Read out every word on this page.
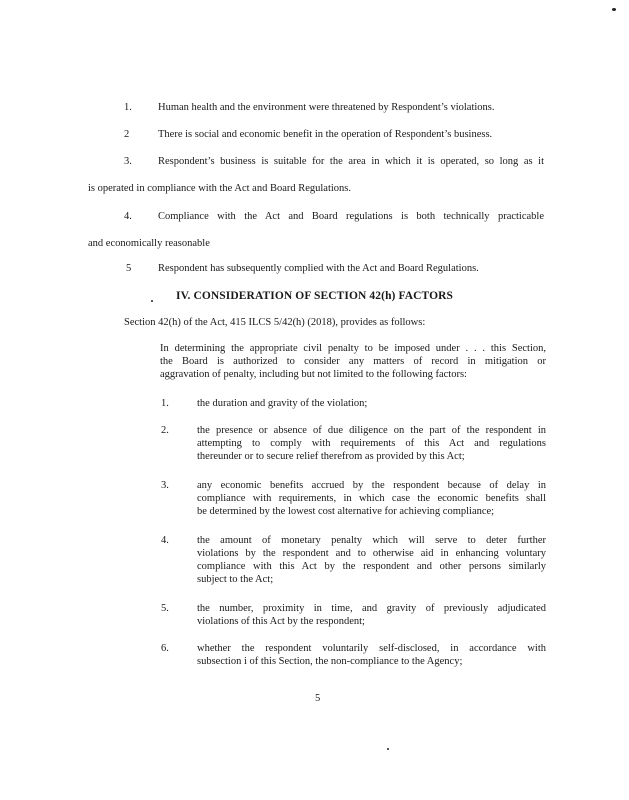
1. Human health and the environment were threatened by Respondent’s violations.
2	There is social and economic benefit in the operation of Respondent’s business.
3. Respondent’s business is suitable for the area in which it is operated, so long as it
is operated in compliance with the Act and Board Regulations.
4. Compliance with the Act and Board regulations is both technically practicable
and economically reasonable
5	Respondent has subsequently complied with the Act and Board Regulations.
IV. CONSIDERATION OF SECTION 42(h) FACTORS
Section 42(h) of the Act, 415 ILCS 5/42(h) (2018), provides as follows:
In determining the appropriate civil penalty to be imposed under . . . this Section,
the Board is authorized to consider any matters of record in mitigation or
aggravation of penalty, including but not limited to the following factors:
1.	the duration and gravity of the violation;
2.	the presence or absence of due diligence on the part of the respondent in
attempting to comply with requirements of this Act and regulations
thereunder or to secure relief therefrom as provided by this Act;
3.	any economic benefits accrued by the respondent because of delay in
compliance with requirements, in which case the economic benefits shall
be determined by the lowest cost alternative for achieving compliance;
4.	the amount of monetary penalty which will serve to deter further
violations by the respondent and to otherwise aid in enhancing voluntary
compliance with this Act by the respondent and other persons similarly
subject to the Act;
5.	the number, proximity in time, and gravity of previously adjudicated
violations of this Act by the respondent;
6.	whether the respondent voluntarily self-disclosed, in accordance with
subsection i of this Section, the non-compliance to the Agency;
5
